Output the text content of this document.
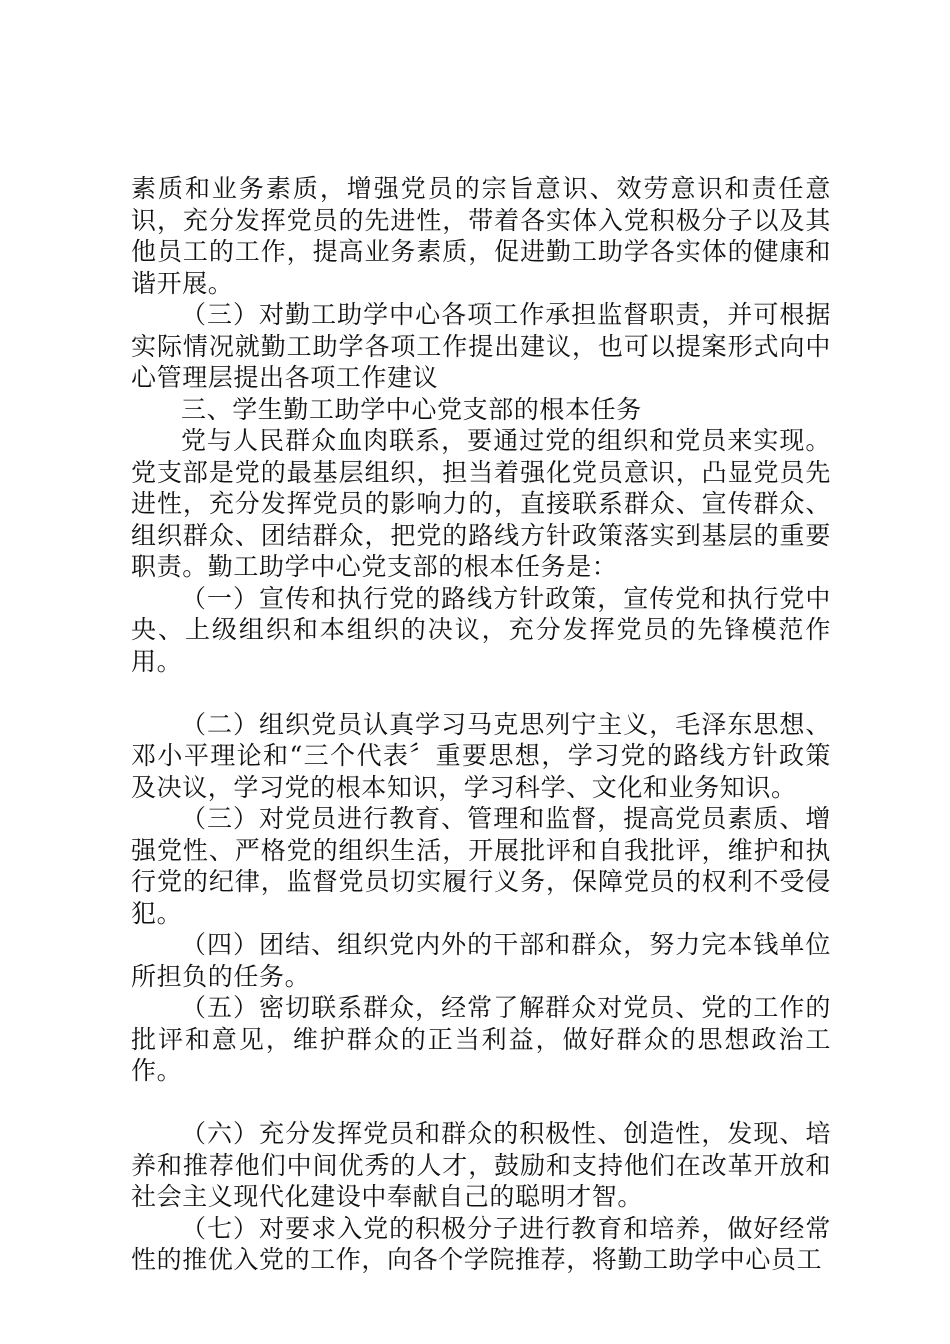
素质和业务素质，增强党员的宗旨意识、效劳意识和责任意识，充分发挥党员的先进性，带着各实体入党积极分子以及其他员工的工作，提高业务素质，促进勤工助学各实体的健康和谐开展。

（三）对勤工助学中心各项工作承担监督职责，并可根据实际情况就勤工助学各项工作提出建议，也可以提案形式向中心管理层提出各项工作建议

三、学生勤工助学中心党支部的根本任务

党与人民群众血肉联系，要通过党的组织和党员来实现。党支部是党的最基层组织，担当着强化党员意识，凸显党员先进性，充分发挥党员的影响力的，直接联系群众、宣传群众、组织群众、团结群众，把党的路线方针政策落实到基层的重要职责。勤工助学中心党支部的根本任务是：

（一）宣传和执行党的路线方针政策，宣传党和执行党中央、上级组织和本组织的决议，充分发挥党员的先锋模范作用。

（二）组织党员认真学习马克思列宁主义，毛泽东思想、邓小平理论和“三个代表〞重要思想，学习党的路线方针政策及决议，学习党的根本知识，学习科学、文化和业务知识。

（三）对党员进行教育、管理和监督，提高党员素质、增强党性、严格党的组织生活，开展批评和自我批评，维护和执行党的纪律，监督党员切实履行义务，保障党员的权利不受侵犯。

（四）团结、组织党内外的干部和群众，努力完本钱单位所担负的任务。

（五）密切联系群众，经常了解群众对党员、党的工作的批评和意见，维护群众的正当利益，做好群众的思想政治工作。

（六）充分发挥党员和群众的积极性、创造性，发现、培养和推荐他们中间优秀的人才，鼓励和支持他们在改革开放和社会主义现代化建设中奉献自己的聪明才智。

（七）对要求入党的积极分子进行教育和培养，做好经常性的推优入党的工作，向各个学院推荐，将勤工助学中心员工
